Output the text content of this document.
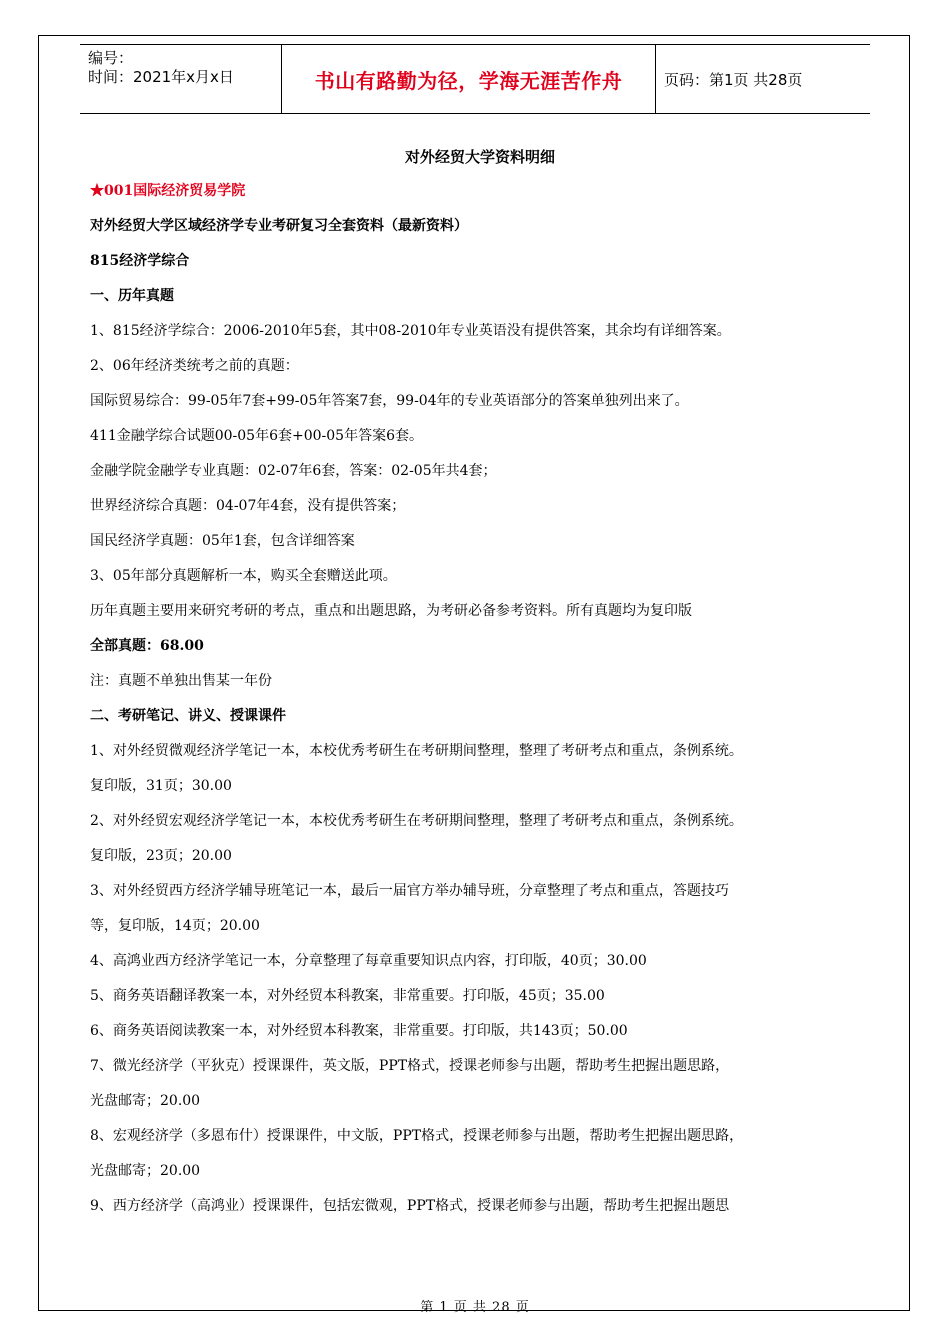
编号：
时间：2021年x月x日	书山有路勤为径，学海无涯苦作舟	页码：第1页 共28页
对外经贸大学资料明细
★001国际经济贸易学院
对外经贸大学区域经济学专业考研复习全套资料（最新资料）
815经济学综合
一、历年真题
1、815经济学综合：2006-2010年5套，其中08-2010年专业英语没有提供答案，其余均有详细答案。
2、06年经济类统考之前的真题：
国际贸易综合：99-05年7套+99-05年答案7套，99-04年的专业英语部分的答案单独列出来了。
411金融学综合试题00-05年6套+00-05年答案6套。
金融学院金融学专业真题：02-07年6套，答案：02-05年共4套；
世界经济综合真题：04-07年4套，没有提供答案；
国民经济学真题：05年1套，包含详细答案
3、05年部分真题解析一本，购买全套赠送此项。
历年真题主要用来研究考研的考点，重点和出题思路，为考研必备参考资料。所有真题均为复印版
全部真题：68.00
注：真题不单独出售某一年份
二、考研笔记、讲义、授课课件
1、对外经贸微观经济学笔记一本，本校优秀考研生在考研期间整理，整理了考研考点和重点，条例系统。
复印版，31页；30.00
2、对外经贸宏观经济学笔记一本，本校优秀考研生在考研期间整理，整理了考研考点和重点，条例系统。
复印版，23页；20.00
3、对外经贸西方经济学辅导班笔记一本，最后一届官方举办辅导班，分章整理了考点和重点，答题技巧
等，复印版，14页；20.00
4、高鸿业西方经济学笔记一本，分章整理了每章重要知识点内容，打印版，40页；30.00
5、商务英语翻译教案一本，对外经贸本科教案，非常重要。打印版，45页；35.00
6、商务英语阅读教案一本，对外经贸本科教案，非常重要。打印版，共143页；50.00
7、微光经济学（平狄克）授课课件，英文版，PPT格式，授课老师参与出题，帮助考生把握出题思路，
光盘邮寄；20.00
8、宏观经济学（多恩布什）授课课件，中文版，PPT格式，授课老师参与出题，帮助考生把握出题思路，
光盘邮寄；20.00
9、西方经济学（高鸿业）授课课件，包括宏微观，PPT格式，授课老师参与出题，帮助考生把握出题思
第 1 页 共 28 页
